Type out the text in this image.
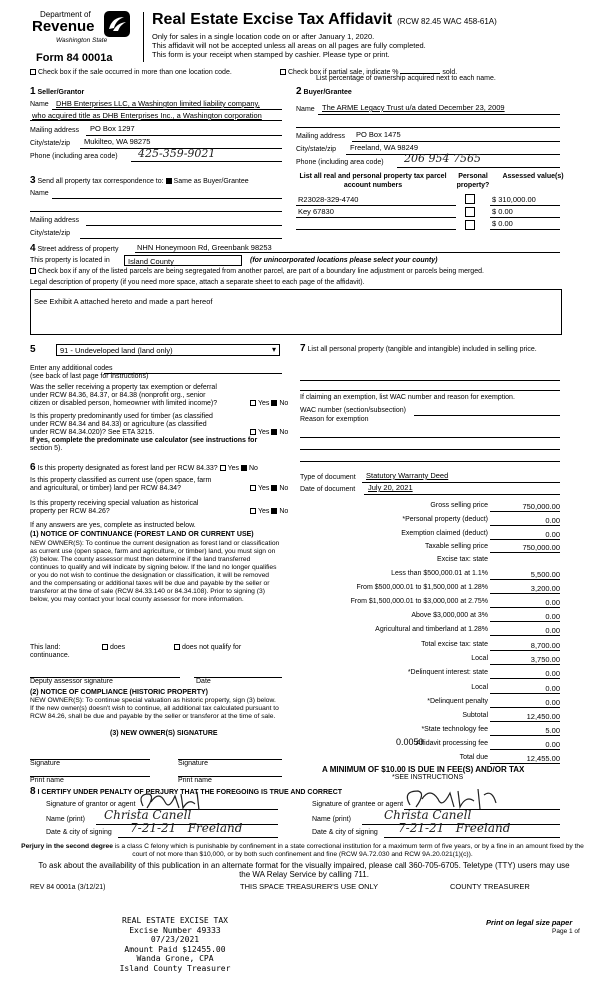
Department of
Revenue
Washington State
Form 84 0001a
Real Estate Excise Tax Affidavit (RCW 82.45 WAC 458-61A)
Only for sales in a single location code on or after January 1, 2020.
This affidavit will not be accepted unless all areas on all pages are fully completed.
This form is your receipt when stamped by cashier. Please type or print.
Check box if the sale occurred in more than one location code.	Check box if partial sale, indicate %	sold.
List percentage of ownership acquired next to each name.
1 Seller/Grantor
Name DHB Enterprises LLC, a Washington limited liability company,
who acquired title as DHB Enterprises Inc., a Washington corporation
Mailing address PO Box 1297
City/state/zip Mukilteo, WA 98275
Phone (including area code) 425-359-9021
2 Buyer/Grantee
Name The ARME Legacy Trust u/a dated December 23, 2009
Mailing address PO Box 1475
City/state/zip Freeland, WA 98249
Phone (including area code) 206 954 7565
3 Send all property tax correspondence to: Same as Buyer/Grantee
Name
Mailing address
City/state/zip
List all real and personal property tax parcel account numbers
Personal property?
Assessed value(s)
R23028-329-4740	$ 310,000.00
Key 67830	$ 0.00
$ 0.00
4 Street address of property NHN Honeymoon Rd, Greenbank 98253
This property is located in Island County	(for unincorporated locations please select your county)
Check box if any of the listed parcels are being segregated from another parcel, are part of a boundary line adjustment or parcels being merged.
Legal description of property (if you need more space, attach a separate sheet to each page of the affidavit).
See Exhibit A attached hereto and made a part hereof
5	91 - Undeveloped land (land only)	▾
Enter any additional codes
(see back of last page for instructions)
Was the seller receiving a property tax exemption or deferral
under RCW 84.36, 84.37, or 84.38 (nonprofit org., senior
citizen or disabled person, homeowner with limited income)?	Yes No
Is this property predominantly used for timber (as classified
under RCW 84.34 and 84.33) or agriculture (as classified
under RCW 84.34.020)? See ETA 3215.	Yes No
If yes, complete the predominate use calculator (see instructions for
section 5).
6 Is this property designated as forest land per RCW 84.33? Yes No
Is this property classified as current use (open space, farm
and agricultural, or timber) land per RCW 84.34?	Yes No
Is this property receiving special valuation as historical
property per RCW 84.26?	Yes No
If any answers are yes, complete as instructed below.
(1) NOTICE OF CONTINUANCE (FOREST LAND OR CURRENT USE)
NEW OWNER(S): To continue the current designation as forest land or classification as current use (open space, farm and agriculture, or timber) land, you must sign on (3) below. The county assessor must then determine if the land transferred continues to qualify and will indicate by signing below. If the land no longer qualifies or you do not wish to continue the designation or classification, it will be removed and the compensating or additional taxes will be due and payable by the seller or transferor at the time of sale (RCW 84.33.140 or 84.34.108). Prior to signing (3) below, you may contact your local county assessor for more information.
This land:	does	does not qualify for
continuance.
Deputy assessor signature	Date
(2) NOTICE OF COMPLIANCE (HISTORIC PROPERTY)
NEW OWNER(S): To continue special valuation as historic property, sign (3) below. If the new owner(s) doesn't wish to continue, all additional tax calculated pursuant to RCW 84.26, shall be due and payable by the seller or transferor at the time of sale.
(3) NEW OWNER(S) SIGNATURE
Signature	Signature
Print name	Print name
7 List all personal property (tangible and intangible) included in selling price.
If claiming an exemption, list WAC number and reason for exemption.
WAC number (section/subsection)
Reason for exemption
Type of document Statutory Warranty Deed
Date of document July 20, 2021
Gross selling price	750,000.00
*Personal property (deduct)	0.00
Exemption claimed (deduct)	0.00
Taxable selling price	750,000.00
Excise tax: state
Less than $500,000.01 at 1.1%	5,500.00
From $500,000.01 to $1,500,000 at 1.28%	3,200.00
From $1,500,000.01 to $3,000,000 at 2.75%	0.00
Above $3,000,000 at 3%	0.00
Agricultural and timberland at 1.28%	0.00
Total excise tax: state	8,700.00
Local	3,750.00
*Delinquent interest: state	0.00
Local	0.00
*Delinquent penalty	0.00
Subtotal	12,450.00
*State technology fee	5.00
Affidavit processing fee	0.00
Total due	12,455.00
0.0050
A MINIMUM OF $10.00 IS DUE IN FEE(S) AND/OR TAX
*SEE INSTRUCTIONS
8 I CERTIFY UNDER PENALTY OF PERJURY THAT THE FOREGOING IS TRUE AND CORRECT
Signature of grantor or agent
Name (print) Christa Canell
Date & city of signing 7-21-21   Freeland
Signature of grantee or agent
Name (print)	Christa Canell
Date & city of signing 7-21-21   Freeland
Perjury in the second degree is a class C felony which is punishable by confinement in a state correctional institution for a maximum term of five years, or by a fine in an amount fixed by the court of not more than $10,000, or by both such confinement and fine (RCW 9A.72.030 and RCW 9A.20.021(1)(c)).
To ask about the availability of this publication in an alternate format for the visually impaired, please call 360-705-6705. Teletype (TTY) users may use the WA Relay Service by calling 711.
REV 84 0001a (3/12/21)	THIS SPACE TREASURER'S USE ONLY	COUNTY TREASURER
REAL ESTATE EXCISE TAX
Excise Number 49333
07/23/2021
Amount Paid $12455.00
Wanda Grone, CPA
Island County Treasurer
Print on legal size paper
Page 1 of
